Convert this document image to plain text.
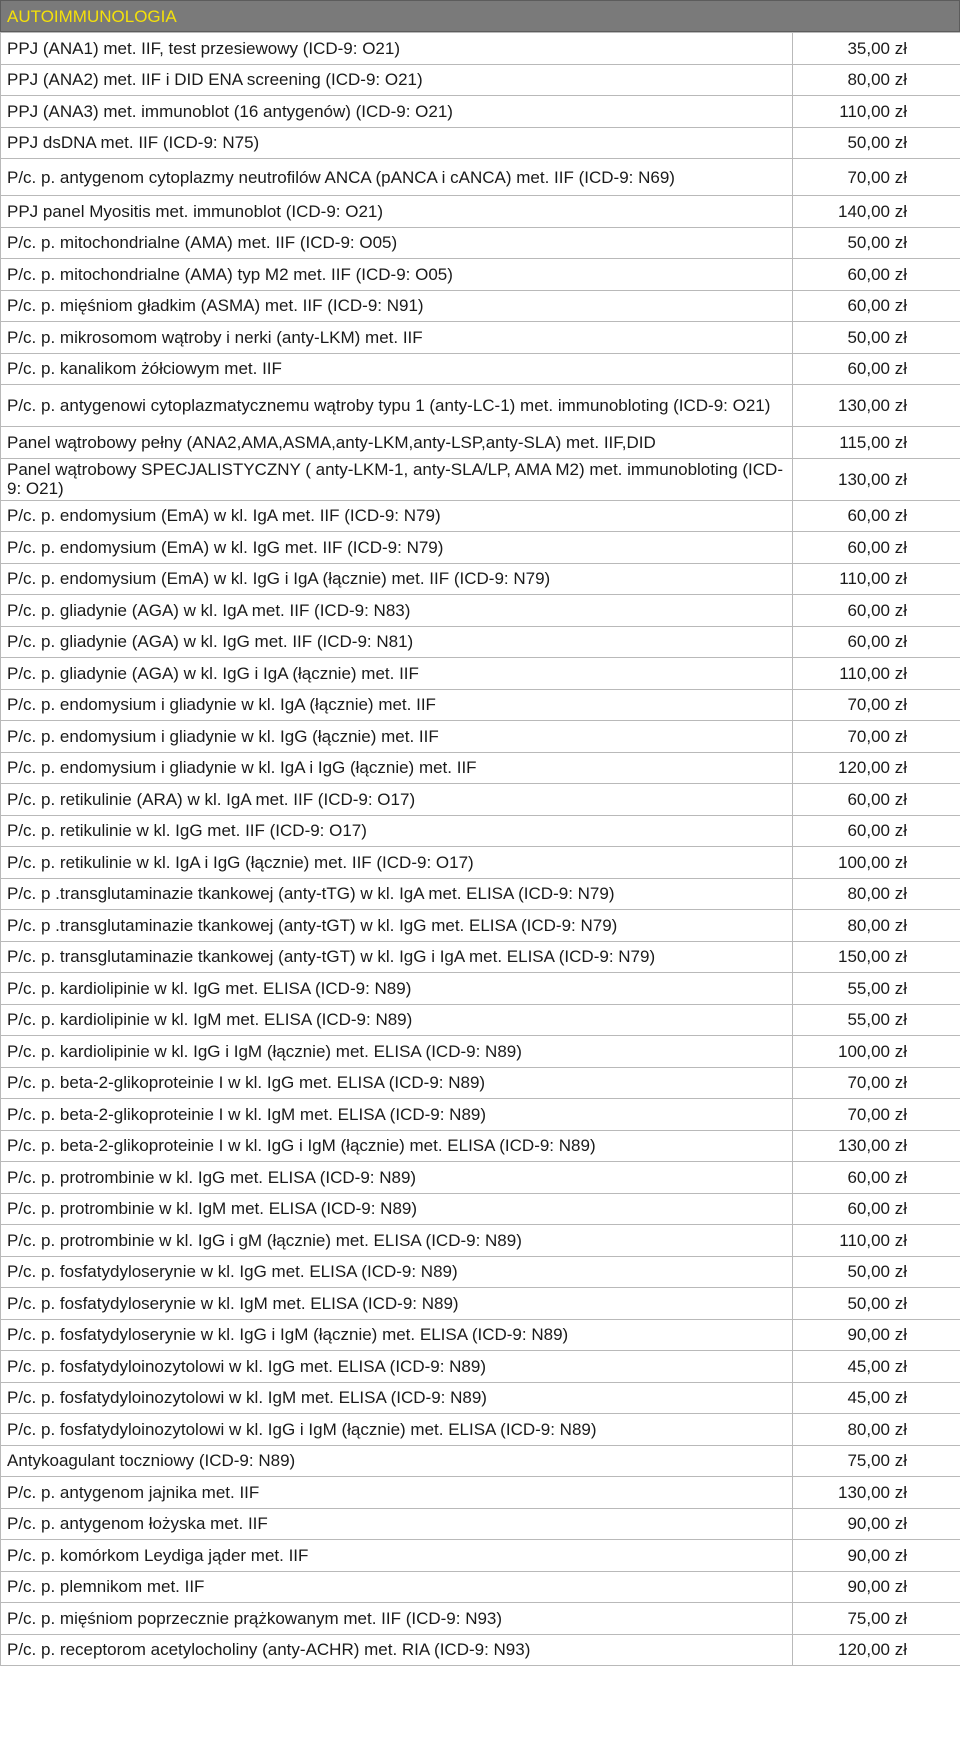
AUTOIMMUNOLOGIA
PPJ (ANA1) met. IIF, test przesiewowy (ICD-9: O21)	35,00 zł
PPJ (ANA2) met. IIF i DID ENA screening (ICD-9: O21)	80,00 zł
PPJ (ANA3) met. immunoblot (16 antygenów) (ICD-9: O21)	110,00 zł
PPJ dsDNA met. IIF (ICD-9: N75)	50,00 zł
P/c. p. antygenom cytoplazmy neutrofilów ANCA (pANCA i cANCA) met. IIF (ICD-9: N69)	70,00 zł
PPJ panel Myositis met. immunoblot (ICD-9: O21)	140,00 zł
P/c. p. mitochondrialne (AMA) met. IIF (ICD-9: O05)	50,00 zł
P/c. p. mitochondrialne (AMA) typ M2 met. IIF (ICD-9: O05)	60,00 zł
P/c. p. mięśniom gładkim (ASMA) met. IIF (ICD-9: N91)	60,00 zł
P/c. p. mikrosomom wątroby i nerki (anty-LKM) met. IIF	50,00 zł
P/c. p. kanalikom żółciowym met. IIF	60,00 zł
P/c. p. antygenowi cytoplazmatycznemu wątroby typu 1 (anty-LC-1) met. immunobloting (ICD-9: O21)	130,00 zł
Panel wątrobowy pełny (ANA2,AMA,ASMA,anty-LKM,anty-LSP,anty-SLA) met. IIF,DID	115,00 zł
Panel wątrobowy SPECJALISTYCZNY ( anty-LKM-1, anty-SLA/LP, AMA M2) met. immunobloting (ICD-9: O21)	130,00 zł
P/c. p. endomysium (EmA) w kl. IgA met. IIF (ICD-9: N79)	60,00 zł
P/c. p. endomysium (EmA) w kl. IgG met. IIF (ICD-9: N79)	60,00 zł
P/c. p. endomysium (EmA) w kl. IgG i IgA (łącznie) met. IIF (ICD-9: N79)	110,00 zł
P/c. p. gliadynie (AGA) w kl. IgA met. IIF (ICD-9: N83)	60,00 zł
P/c. p. gliadynie (AGA) w kl. IgG met. IIF (ICD-9: N81)	60,00 zł
P/c. p. gliadynie (AGA) w kl. IgG i IgA (łącznie) met. IIF	110,00 zł
P/c. p. endomysium i gliadynie w kl. IgA (łącznie) met. IIF	70,00 zł
P/c. p. endomysium i gliadynie w kl. IgG (łącznie) met. IIF	70,00 zł
P/c. p. endomysium i gliadynie w kl. IgA i IgG (łącznie) met. IIF	120,00 zł
P/c. p. retikulinie (ARA) w kl. IgA met. IIF (ICD-9: O17)	60,00 zł
P/c. p. retikulinie w kl. IgG met. IIF (ICD-9: O17)	60,00 zł
P/c. p. retikulinie w kl. IgA i IgG (łącznie) met. IIF (ICD-9: O17)	100,00 zł
P/c. p .transglutaminazie tkankowej (anty-tTG) w kl. IgA met. ELISA (ICD-9: N79)	80,00 zł
P/c. p .transglutaminazie tkankowej (anty-tGT) w kl. IgG met. ELISA (ICD-9: N79)	80,00 zł
P/c. p. transglutaminazie tkankowej (anty-tGT) w kl. IgG i IgA met. ELISA (ICD-9: N79)	150,00 zł
P/c. p. kardiolipinie w kl. IgG met. ELISA (ICD-9: N89)	55,00 zł
P/c. p. kardiolipinie w kl. IgM met. ELISA (ICD-9: N89)	55,00 zł
P/c. p. kardiolipinie w kl. IgG i IgM (łącznie) met. ELISA (ICD-9: N89)	100,00 zł
P/c. p. beta-2-glikoproteinie I w kl. IgG met. ELISA (ICD-9: N89)	70,00 zł
P/c. p. beta-2-glikoproteinie I w kl. IgM met. ELISA (ICD-9: N89)	70,00 zł
P/c. p. beta-2-glikoproteinie I w kl. IgG i IgM (łącznie) met. ELISA (ICD-9: N89)	130,00 zł
P/c. p. protrombinie w kl. IgG met. ELISA (ICD-9: N89)	60,00 zł
P/c. p. protrombinie w kl. IgM met. ELISA (ICD-9: N89)	60,00 zł
P/c. p. protrombinie w kl. IgG i gM (łącznie) met. ELISA (ICD-9: N89)	110,00 zł
P/c. p. fosfatydyloserynie w kl. IgG met. ELISA (ICD-9: N89)	50,00 zł
P/c. p. fosfatydyloserynie w kl. IgM met. ELISA (ICD-9: N89)	50,00 zł
P/c. p. fosfatydyloserynie w kl. IgG i IgM (łącznie) met. ELISA (ICD-9: N89)	90,00 zł
P/c. p. fosfatydyloinozytolowi w kl. IgG met. ELISA (ICD-9: N89)	45,00 zł
P/c. p. fosfatydyloinozytolowi w kl. IgM met. ELISA (ICD-9: N89)	45,00 zł
P/c. p. fosfatydyloinozytolowi w kl. IgG i IgM (łącznie) met. ELISA (ICD-9: N89)	80,00 zł
Antykoagulant toczniowy (ICD-9: N89)	75,00 zł
P/c. p. antygenom jajnika met. IIF	130,00 zł
P/c. p. antygenom łożyska met. IIF	90,00 zł
P/c. p. komórkom Leydiga jąder met. IIF	90,00 zł
P/c. p. plemnikom met. IIF	90,00 zł
P/c. p. mięśniom poprzecznie prążkowanym met. IIF (ICD-9: N93)	75,00 zł
P/c. p. receptorom acetylocholiny (anty-ACHR) met. RIA (ICD-9: N93)	120,00 zł
